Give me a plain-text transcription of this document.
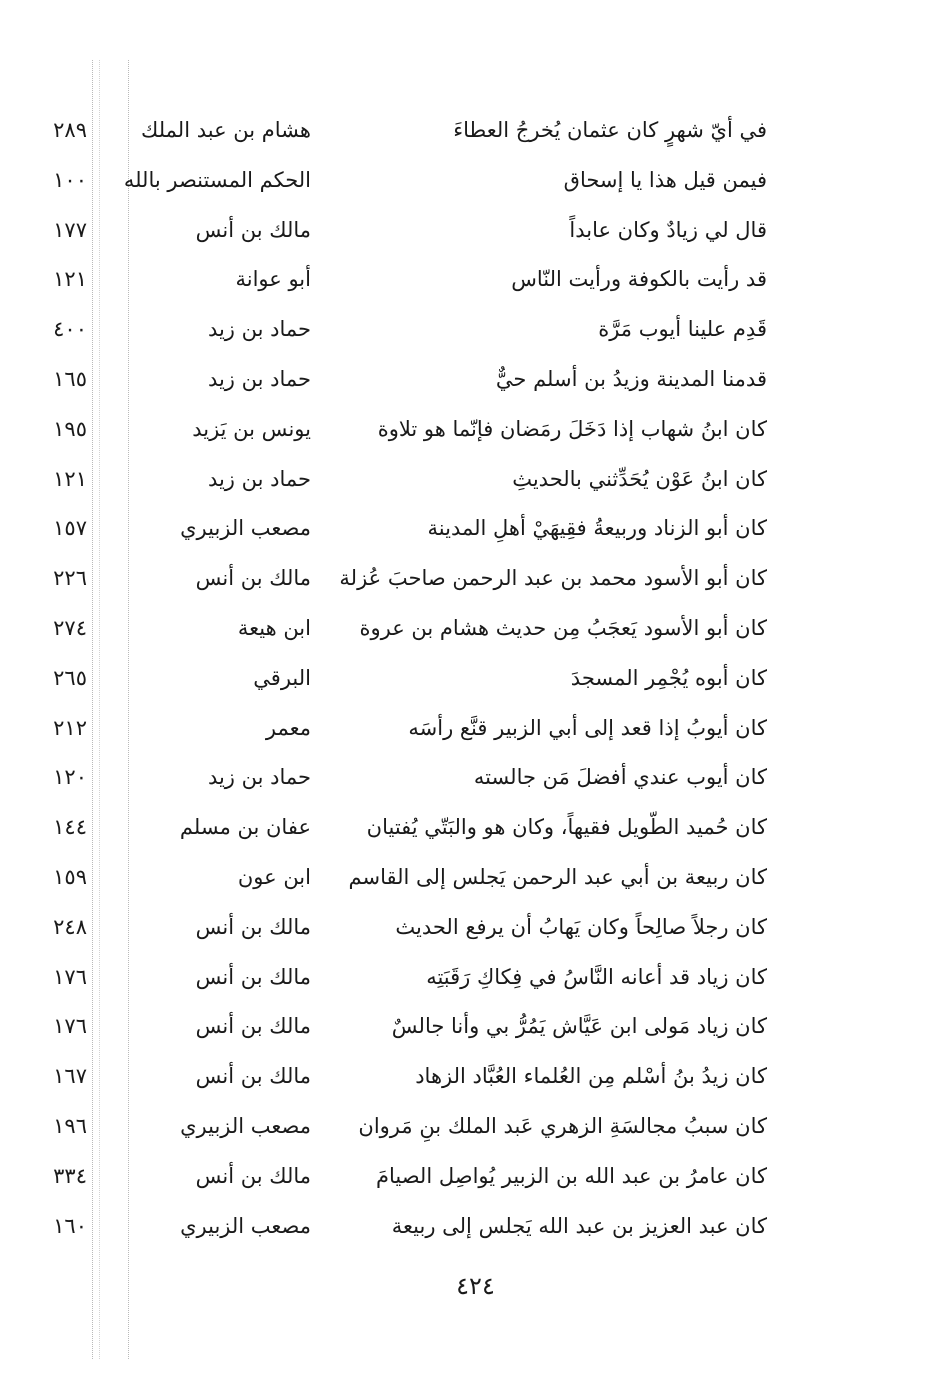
في أيّ شهرٍ كان عثمان يُخرجُ العطاءَ
هشام بن عبد الملك
٢٨٩
فيمن قيل هذا يا إسحاق
الحكم المستنصر بالله
١٠٠
قال لي زيادٌ وكان عابداً
مالك بن أنس
١٧٧
قد رأيت بالكوفة ورأيت النّاس
أبو عوانة
١٢١
قَدِم علينا أيوب مَرَّة
حماد بن زيد
٤٠٠
قدمنا المدينة وزيدُ بن أسلم حيٌّ
حماد بن زيد
١٦٥
كان ابنُ شهاب إذا دَخَلَ رمَضان فإنّما هو تلاوة
يونس بن يَزيد
١٩٥
كان ابنُ عَوْن يُحَدِّثني بالحديثِ
حماد بن زيد
١٢١
كان أبو الزناد وربيعةُ فقِيهَيْ أهلِ المدينة
مصعب الزبيري
١٥٧
كان أبو الأسود محمد بن عبد الرحمن صاحبَ عُزلة
مالك بن أنس
٢٢٦
كان أبو الأسود يَعجَبُ مِن حديث هشام بن عروة
ابن هيعة
٢٧٤
كان أبوه يُجْمِر المسجدَ
البرقي
٢٦٥
كان أيوبُ إذا قعد إلى أبي الزبير قنَّع رأسَه
معمر
٢١٢
كان أيوب عندي أفضلَ مَن جالسته
حماد بن زيد
١٢٠
كان حُميد الطّويل فقيهاً، وكان هو والبَتّي يُفتيان
عفان بن مسلم
١٤٤
كان ربيعة بن أبي عبد الرحمن يَجلس إلى القاسم
ابن عون
١٥٩
كان رجلاً صالِحاً وكان يَهابُ أن يرفع الحديث
مالك بن أنس
٢٤٨
كان زياد قد أعانه النَّاسُ في فِكاكِ رَقَبَتِه
مالك بن أنس
١٧٦
كان زياد مَولى ابن عَيَّاش يَمُرُّ بي وأنا جالسٌ
مالك بن أنس
١٧٦
كان زيدُ بنُ أسْلم مِن العُلماء العُبَّاد الزهاد
مالك بن أنس
١٦٧
كان سببُ مجالسَةِ الزهري عَبد الملك بنِ مَروان
مصعب الزبيري
١٩٦
كان عامرُ بن عبد الله بن الزبير يُواصِل الصيامَ
مالك بن أنس
٣٣٤
كان عبد العزيز بن عبد الله يَجلس إلى ربيعة
مصعب الزبيري
١٦٠
٤٢٤
